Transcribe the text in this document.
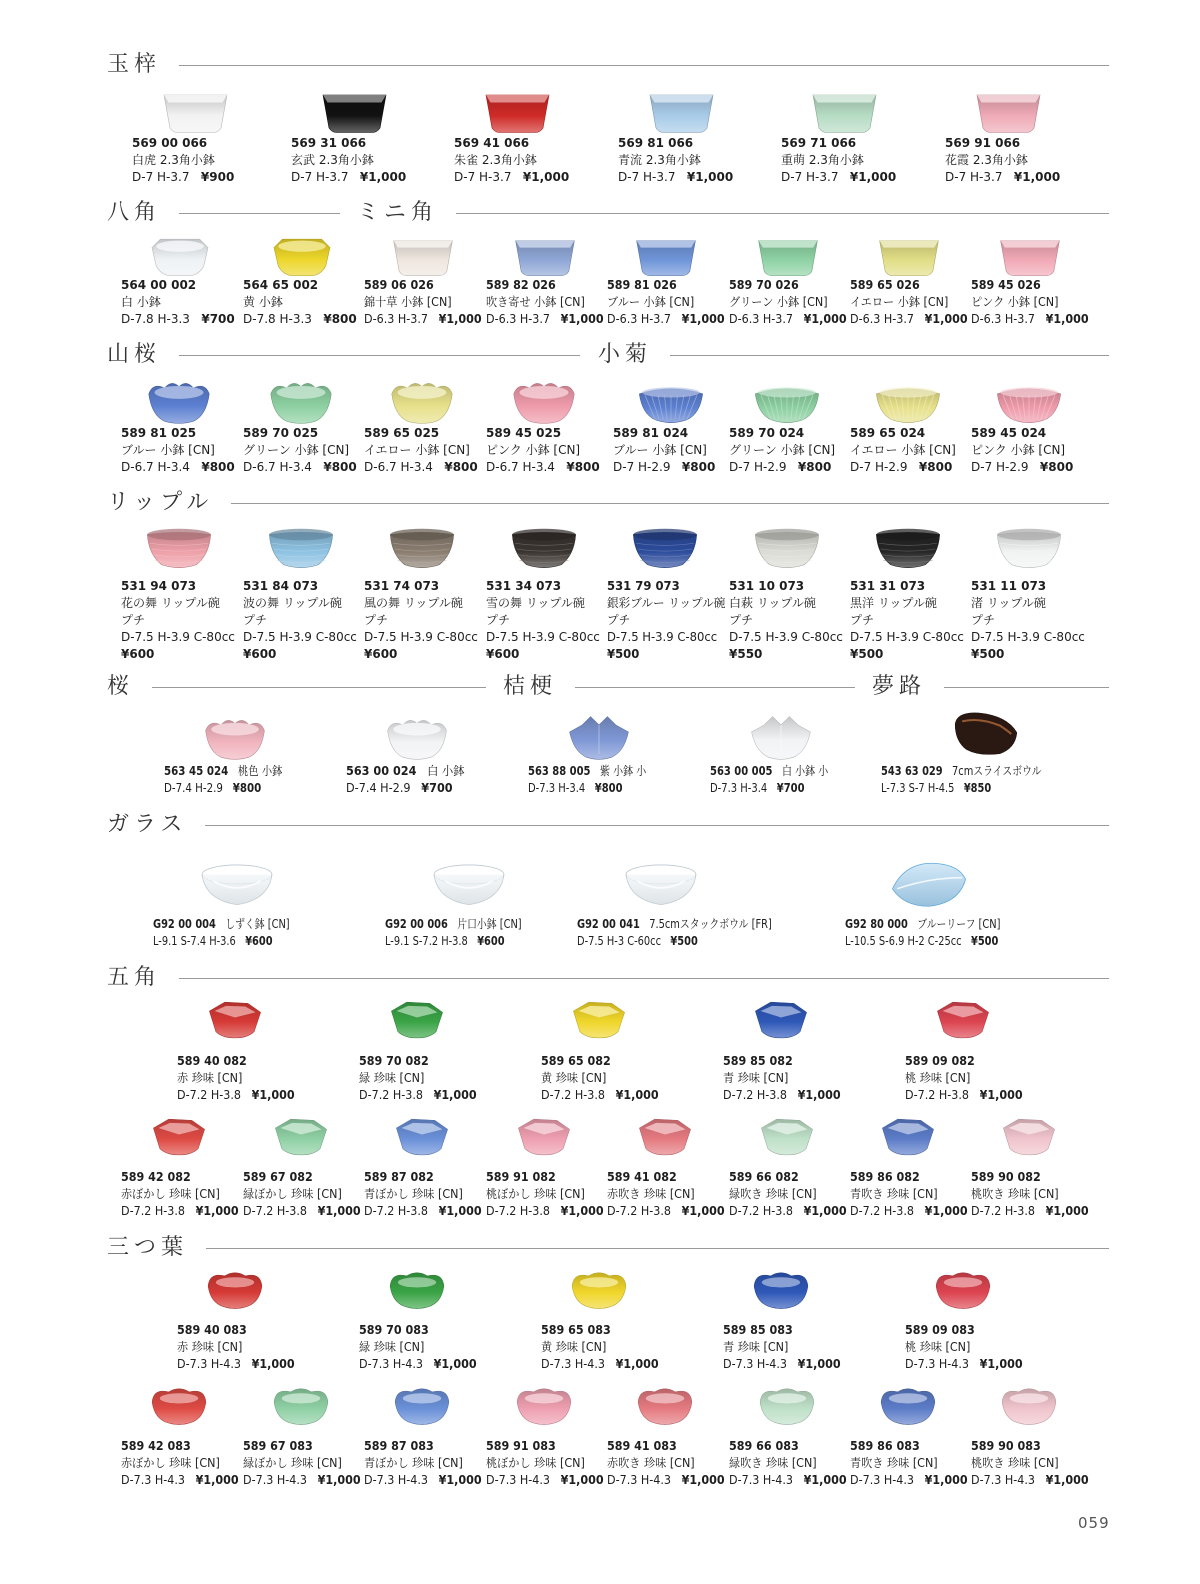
玉梓
八角	ミニ角
山桜	小菊
リップル
桜	桔梗	夢路
ガラス
五角
三つ葉
569 00 066
白虎 2.3角小鉢
D-7 H-3.7 ¥900
569 31 066
玄武 2.3角小鉢
D-7 H-3.7 ¥1,000
569 41 066
朱雀 2.3角小鉢
D-7 H-3.7 ¥1,000
569 81 066
青流 2.3角小鉢
D-7 H-3.7 ¥1,000
569 71 066
重萌 2.3角小鉢
D-7 H-3.7 ¥1,000
569 91 066
花霞 2.3角小鉢
D-7 H-3.7 ¥1,000
564 00 002
白 小鉢
D-7.8 H-3.3 ¥700
564 65 002
黄 小鉢
D-7.8 H-3.3 ¥800
589 06 026
錦十草 小鉢 [CN]
D-6.3 H-3.7 ¥1,000
589 82 026
吹き寄せ 小鉢 [CN]
D-6.3 H-3.7 ¥1,000
589 81 026
ブルー 小鉢 [CN]
D-6.3 H-3.7 ¥1,000
589 70 026
グリーン 小鉢 [CN]
D-6.3 H-3.7 ¥1,000
589 65 026
イエロー 小鉢 [CN]
D-6.3 H-3.7 ¥1,000
589 45 026
ピンク 小鉢 [CN]
D-6.3 H-3.7 ¥1,000
589 81 025
ブルー 小鉢 [CN]
D-6.7 H-3.4 ¥800
589 70 025
グリーン 小鉢 [CN]
D-6.7 H-3.4 ¥800
589 65 025
イエロー 小鉢 [CN]
D-6.7 H-3.4 ¥800
589 45 025
ピンク 小鉢 [CN]
D-6.7 H-3.4 ¥800
589 81 024
ブルー 小鉢 [CN]
D-7 H-2.9 ¥800
589 70 024
グリーン 小鉢 [CN]
D-7 H-2.9 ¥800
589 65 024
イエロー 小鉢 [CN]
D-7 H-2.9 ¥800
589 45 024
ピンク 小鉢 [CN]
D-7 H-2.9 ¥800
531 94 073
花の舞 リップル碗
プチ
D-7.5 H-3.9 C-80cc
¥600
531 84 073
波の舞 リップル碗
プチ
D-7.5 H-3.9 C-80cc
¥600
531 74 073
風の舞 リップル碗
プチ
D-7.5 H-3.9 C-80cc
¥600
531 34 073
雪の舞 リップル碗
プチ
D-7.5 H-3.9 C-80cc
¥600
531 79 073
銀彩ブルー リップル碗
プチ
D-7.5 H-3.9 C-80cc
¥500
531 10 073
白萩 リップル碗
プチ
D-7.5 H-3.9 C-80cc
¥550
531 31 073
黒洋 リップル碗
プチ
D-7.5 H-3.9 C-80cc
¥500
531 11 073
渚 リップル碗
プチ
D-7.5 H-3.9 C-80cc
¥500
563 45 024 桃色 小鉢
D-7.4 H-2.9 ¥800
563 00 024 白 小鉢
D-7.4 H-2.9 ¥700
563 88 005 紫 小鉢 小
D-7.3 H-3.4 ¥800
563 00 005 白 小鉢 小
D-7.3 H-3.4 ¥700
543 63 029 7cmスライスボウル
L-7.3 S-7 H-4.5 ¥850
G92 00 004 しずく鉢 [CN]
L-9.1 S-7.4 H-3.6 ¥600
G92 00 006 片口小鉢 [CN]
L-9.1 S-7.2 H-3.8 ¥600
G92 00 041 7.5cmスタックボウル [FR]
D-7.5 H-3 C-60cc ¥500
G92 80 000 ブルーリーフ [CN]
L-10.5 S-6.9 H-2 C-25cc ¥500
589 40 082
赤 珍味 [CN]
D-7.2 H-3.8 ¥1,000
589 70 082
緑 珍味 [CN]
D-7.2 H-3.8 ¥1,000
589 65 082
黄 珍味 [CN]
D-7.2 H-3.8 ¥1,000
589 85 082
青 珍味 [CN]
D-7.2 H-3.8 ¥1,000
589 09 082
桃 珍味 [CN]
D-7.2 H-3.8 ¥1,000
589 42 082
赤ぼかし 珍味 [CN]
D-7.2 H-3.8 ¥1,000
589 67 082
緑ぼかし 珍味 [CN]
D-7.2 H-3.8 ¥1,000
589 87 082
青ぼかし 珍味 [CN]
D-7.2 H-3.8 ¥1,000
589 91 082
桃ぼかし 珍味 [CN]
D-7.2 H-3.8 ¥1,000
589 41 082
赤吹き 珍味 [CN]
D-7.2 H-3.8 ¥1,000
589 66 082
緑吹き 珍味 [CN]
D-7.2 H-3.8 ¥1,000
589 86 082
青吹き 珍味 [CN]
D-7.2 H-3.8 ¥1,000
589 90 082
桃吹き 珍味 [CN]
D-7.2 H-3.8 ¥1,000
589 40 083
赤 珍味 [CN]
D-7.3 H-4.3 ¥1,000
589 70 083
緑 珍味 [CN]
D-7.3 H-4.3 ¥1,000
589 65 083
黄 珍味 [CN]
D-7.3 H-4.3 ¥1,000
589 85 083
青 珍味 [CN]
D-7.3 H-4.3 ¥1,000
589 09 083
桃 珍味 [CN]
D-7.3 H-4.3 ¥1,000
589 42 083
赤ぼかし 珍味 [CN]
D-7.3 H-4.3 ¥1,000
589 67 083
緑ぼかし 珍味 [CN]
D-7.3 H-4.3 ¥1,000
589 87 083
青ぼかし 珍味 [CN]
D-7.3 H-4.3 ¥1,000
589 91 083
桃ぼかし 珍味 [CN]
D-7.3 H-4.3 ¥1,000
589 41 083
赤吹き 珍味 [CN]
D-7.3 H-4.3 ¥1,000
589 66 083
緑吹き 珍味 [CN]
D-7.3 H-4.3 ¥1,000
589 86 083
青吹き 珍味 [CN]
D-7.3 H-4.3 ¥1,000
589 90 083
桃吹き 珍味 [CN]
D-7.3 H-4.3 ¥1,000
059
